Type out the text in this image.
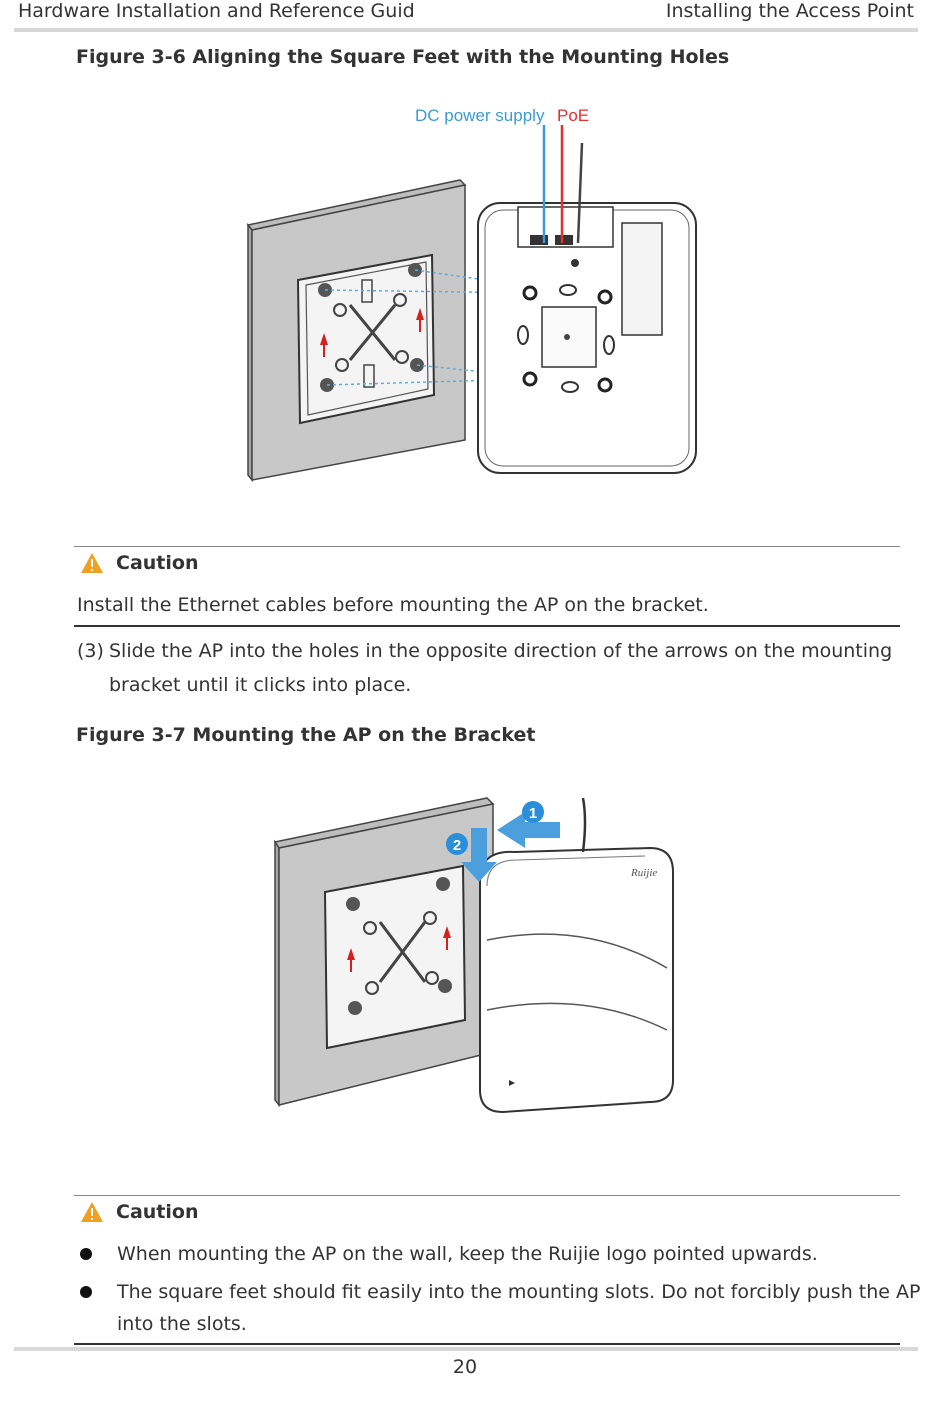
Hardware Installation and Reference Guid	Installing the Access Point
Figure 3-6 Aligning the Square Feet with the Mounting Holes
DC power supply PoE
Caution
Install the Ethernet cables before mounting the AP on the bracket.
(3) Slide the AP into the holes in the opposite direction of the arrows on the mounting
bracket until it clicks into place.
Figure 3-7 Mounting the AP on the Bracket
Ruijie
1
2
Caution
When mounting the AP on the wall, keep the Ruijie logo pointed upwards.
The square feet should fit easily into the mounting slots. Do not forcibly push the AP
into the slots.
20
